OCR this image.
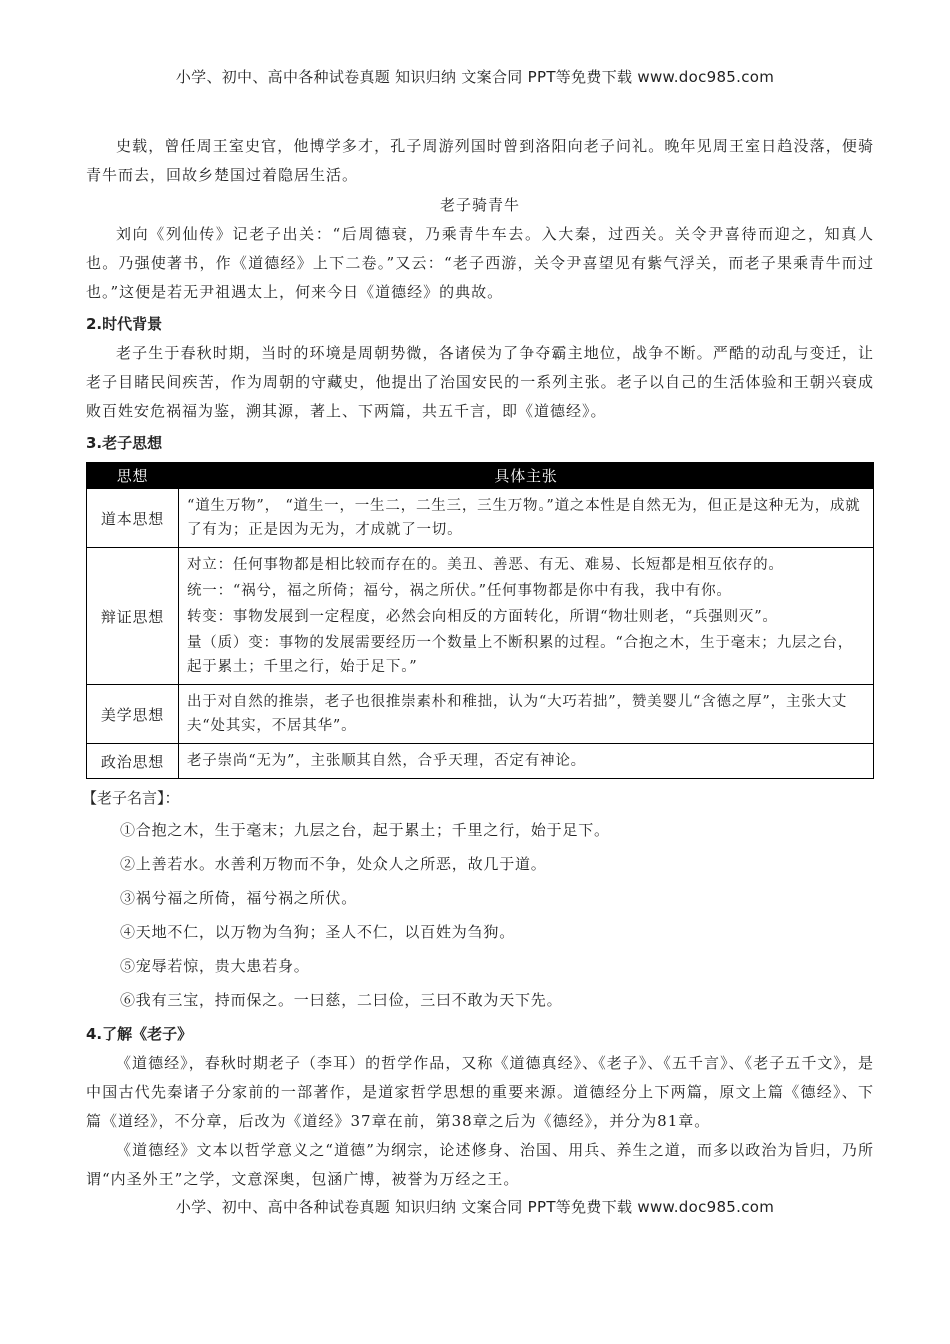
小学、初中、高中各种试卷真题 知识归纳 文案合同 PPT等免费下载 www.doc985.com

史载，曾任周王室史官，他博学多才，孔子周游列国时曾到洛阳向老子问礼。晚年见周王室日趋没落，便骑青牛而去，回故乡楚国过着隐居生活。

老子骑青牛

刘向《列仙传》记老子出关：“后周德衰，乃乘青牛车去。入大秦，过西关。关令尹喜待而迎之，知真人也。乃强使著书，作《道德经》上下二卷。”又云：“老子西游，关令尹喜望见有紫气浮关，而老子果乘青牛而过也。”这便是若无尹祖遇太上，何来今日《道德经》的典故。

2.时代背景

老子生于春秋时期，当时的环境是周朝势微，各诸侯为了争夺霸主地位，战争不断。严酷的动乱与变迁，让老子目睹民间疾苦，作为周朝的守藏史，他提出了治国安民的一系列主张。老子以自己的生活体验和王朝兴衰成败百姓安危祸福为鉴，溯其源，著上、下两篇，共五千言，即《道德经》。

3.老子思想
思想	具体主张
道本思想	“道生万物”， “道生一，一生二，二生三，三生万物。”道之本性是自然无为，但正是这种无为，成就了有为；正是因为无为，才成就了一切。

辩证思想	对立：任何事物都是相比较而存在的。美丑、善恶、有无、难易、长短都是相互依存的。
统一：“祸兮，福之所倚；福兮，祸之所伏。”任何事物都是你中有我，我中有你。
转变：事物发展到一定程度，必然会向相反的方面转化，所谓“物壮则老，“兵强则灭”。
量（质）变：事物的发展需要经历一个数量上不断积累的过程。“合抱之木，生于毫末；九层之台，起于累土；千里之行，始于足下。”

美学思想	出于对自然的推崇，老子也很推崇素朴和稚拙，认为“大巧若拙”，赞美婴儿“含德之厚”，主张大丈夫“处其实，不居其华”。

政治思想	老子崇尚“无为”，主张顺其自然，合乎天理，否定有神论。
【老子名言】：
①合抱之木，生于毫末；九层之台，起于累土；千里之行，始于足下。
②上善若水。水善利万物而不争，处众人之所恶，故几于道。
③祸兮福之所倚，福兮祸之所伏。
④天地不仁，以万物为刍狗；圣人不仁，以百姓为刍狗。
⑤宠辱若惊，贵大患若身。
⑥我有三宝，持而保之。一曰慈，二曰俭，三曰不敢为天下先。
4.了解《老子》

《道德经》，春秋时期老子（李耳）的哲学作品，又称《道德真经》、《老子》、《五千言》、《老子五千文》，是中国古代先秦诸子分家前的一部著作，是道家哲学思想的重要来源。道德经分上下两篇，原文上篇《德经》、下篇《道经》，不分章，后改为《道经》37章在前，第38章之后为《德经》，并分为81章。

《道德经》文本以哲学意义之“道德”为纲宗，论述修身、治国、用兵、养生之道，而多以政治为旨归，乃所谓“内圣外王”之学，文意深奥，包涵广博，被誉为万经之王。

小学、初中、高中各种试卷真题 知识归纳 文案合同 PPT等免费下载 www.doc985.com
